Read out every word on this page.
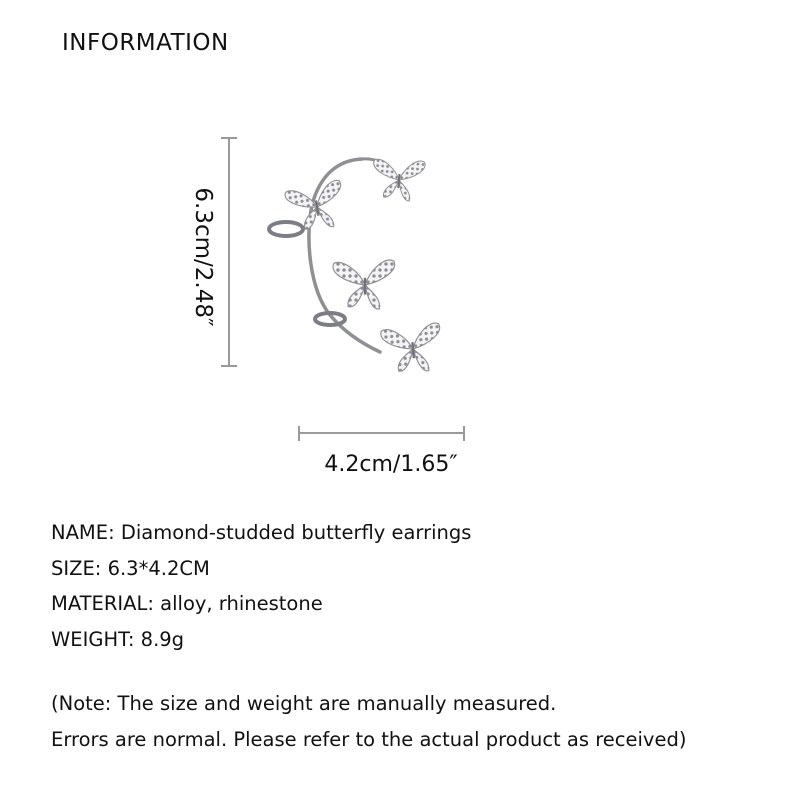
INFORMATION
6.3cm/2.48″
4.2cm/1.65″
NAME: Diamond-studded butterfly earrings
SIZE: 6.3*4.2CM
MATERIAL: alloy, rhinestone
WEIGHT: 8.9g
(Note: The size and weight are manually measured.
Errors are normal. Please refer to the actual product as received)
